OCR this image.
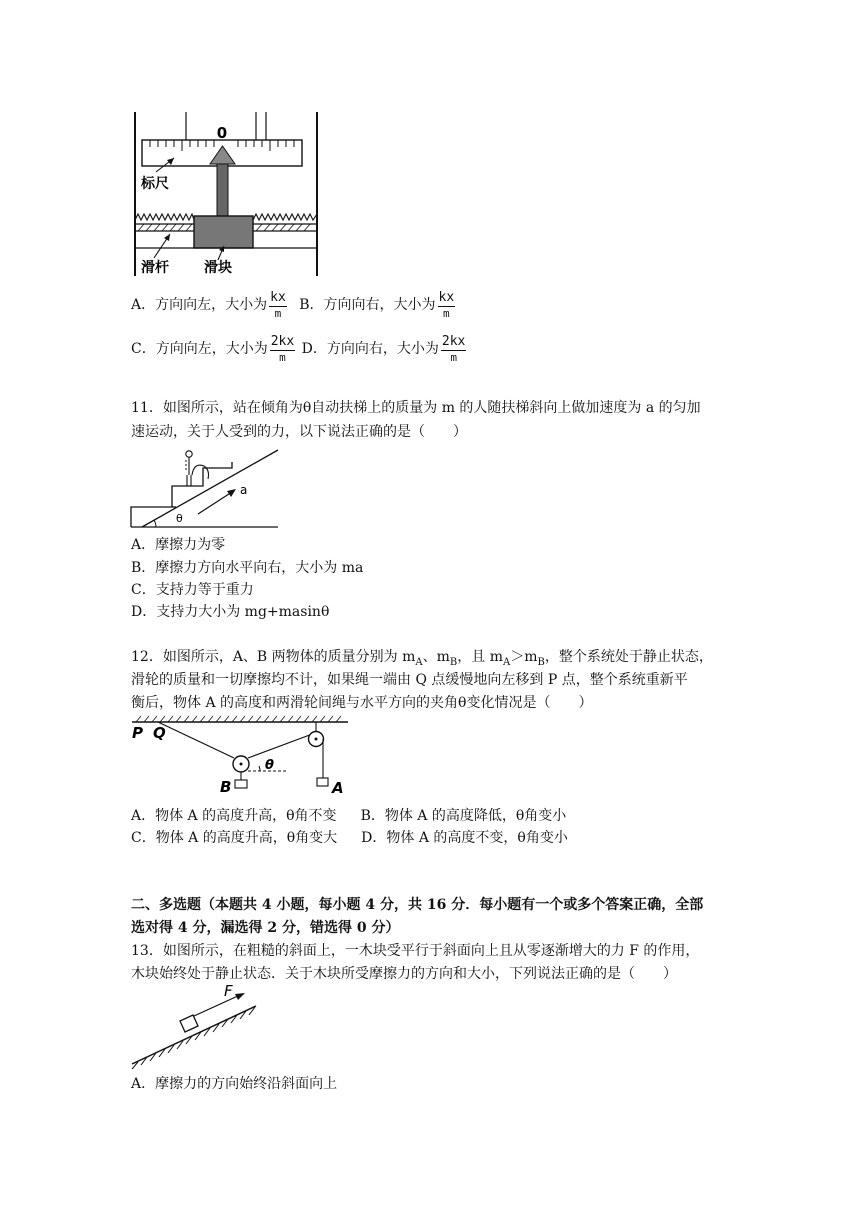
0
标尺
滑杆	滑块
A．方向向左，大小为 $\frac{kx}{m}$ B．方向向右，大小为 $\frac{kx}{m}$
C．方向向左，大小为 $\frac{2kx}{m}$ D．方向向右，大小为 $\frac{2kx}{m}$
11．如图所示，站在倾角为θ自动扶梯上的质量为 m 的人随扶梯斜向上做加速度为 a 的匀加
速运动，关于人受到的力，以下说法正确的是（　　）
a
θ
A．摩擦力为零
B．摩擦力方向水平向右，大小为 ma
C．支持力等于重力
D．支持力大小为 mg+masinθ
12．如图所示，A、B 两物体的质量分别为 $m_A$、$m_B$，且 $m_A>m_B$，整个系统处于静止状态，
滑轮的质量和一切摩擦均不计，如果绳一端由 Q 点缓慢地向左移到 P 点，整个系统重新平
衡后，物体 A 的高度和两滑轮间绳与水平方向的夹角θ变化情况是（　　）
P Q
B	A
θ
A．物体 A 的高度升高，θ角不变 B．物体 A 的高度降低，θ角变小
C．物体 A 的高度升高，θ角变大 D．物体 A 的高度不变，θ角变小
二、多选题（本题共 4 小题，每小题 4 分，共 16 分．每小题有一个或多个答案正确，全部
选对得 4 分，漏选得 2 分，错选得 0 分）
13．如图所示，在粗糙的斜面上，一木块受平行于斜面向上且从零逐渐增大的力 F 的作用，
木块始终处于静止状态．关于木块所受摩擦力的方向和大小，下列说法正确的是（　　）
F
A．摩擦力的方向始终沿斜面向上
